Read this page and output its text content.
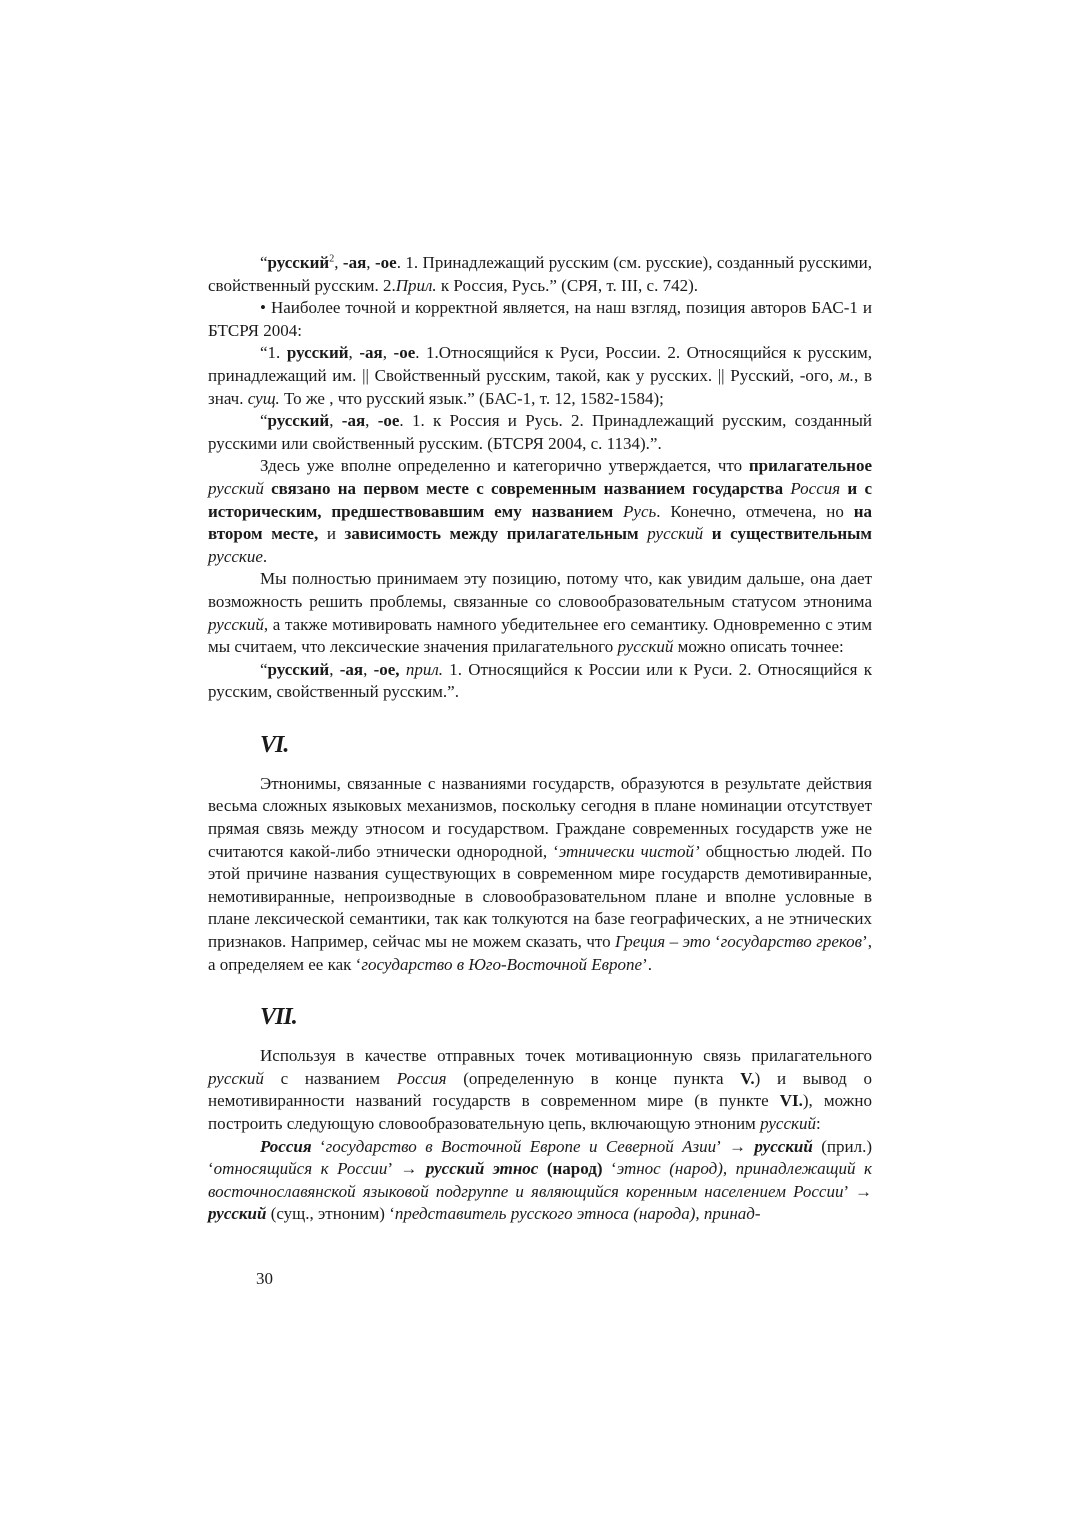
“русский$^2$, -ая, -ое. 1. Принадлежащий русским (см. русские), созданный русскими, свойственный русским. 2.Прил. к Россия, Русь.” (СРЯ, т. III, с. 742).

• Наиболее точной и корректной является, на наш взгляд, позиция авторов БАС-1 и БТСРЯ 2004:

“1. русский, -ая, -ое. 1.Относящийся к Руси, России. 2. Относящийся к русским, принадлежащий им. || Свойственный русским, такой, как у русских. || Русский, -ого, м., в знач. сущ. То же , что русский язык.” (БАС-1, т. 12, 1582-1584);

“русский, -ая, -ое. 1. к Россия и Русь. 2. Принадлежащий русским, созданный русскими или свойственный русским. (БТСРЯ 2004, с. 1134).”.

Здесь уже вполне определенно и категорично утверждается, что прилагательное русский связано на первом месте с современным названием государства Россия и с историческим, предшествовавшим ему названием Русь. Конечно, отмечена, но на втором месте, и зависимость между прилагательным русский и существительным русские.

Мы полностью принимаем эту позицию, потому что, как увидим дальше, она дает возможность решить проблемы, связанные со словообразовательным статусом этнонима русский, а также мотивировать намного убедительнее его семантику. Одновременно с этим мы считаем, что лексические значения прилагательного русский можно описать точнее:

“русский, -ая, -ое, прил. 1. Относящийся к России или к Руси. 2. Относящийся к русским, свойственный русским.”.

VI.

Этнонимы, связанные с названиями государств, образуются в результате действия весьма сложных языковых механизмов, поскольку сегодня в плане номинации отсутствует прямая связь между этносом и государством. Граждане современных государств уже не считаются какой-либо этнически однородной, ‘этнически чистой’ общностью людей. По этой причине названия существующих в современном мире государств демотивиранные, немотивиранные, непроизводные в словообразовательном плане и вполне условные в плане лексической семантики, так как толкуются на базе географических, а не этнических признаков. Например, сейчас мы не можем сказать, что Греция – это ‘государство греков’, а определяем ее как ‘государство в Юго-Восточной Европе’.

VII.

Используя в качестве отправных точек мотивационную связь прилагательного русский с названием Россия (определенную в конце пункта V.) и вывод о немотивиранности названий государств в современном мире (в пункте VI.), можно построить следующую словообразовательную цепь, включающую этноним русский:

Россия ‘государство в Восточной Европе и Северной Азии’ → русский (прил.) ‘относящийся к России’ → русский этнос (народ) ‘этнос (народ), принадлежащий к восточнославянской языковой подгруппе и являющийся коренным населением России’ → русский (сущ., этноним) ‘представитель русского этноса (народа), принад-

30
